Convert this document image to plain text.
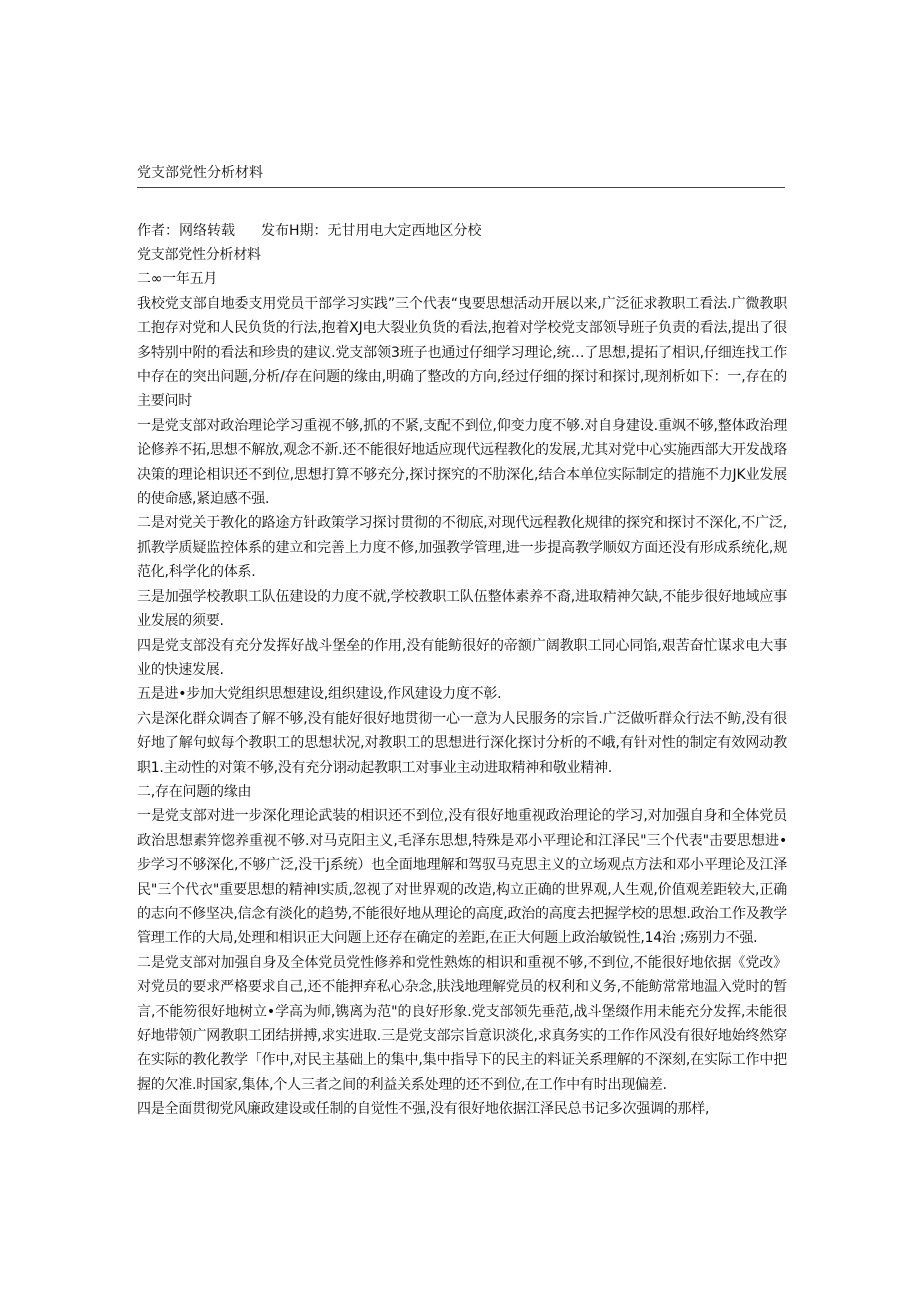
党支部党性分析材料
作者：网络转载 发布H期：无甘用电大定西地区分校

党支部党性分析材料

二∞一年五月

我校党支部自地委支用党员干部学习实践”三个代表“曳要思想活动开展以来,广泛征求教职工看法.广微教职工抱存对党和人民负货的行法,抱着XJ电大裂业负货的看法,抱着对学校党支部领导班子负责的看法,提出了很多特别中附的看法和珍贵的建议.党支部领3班子也通过仔细学习理论,统…了思想,提拓了相识,仔细连找工作中存在的突出问题,分析/存在问题的缘由,明确了整改的方向,经过仔细的探讨和探讨,现剂析如下：一,存在的主要问时

一是党支部对政治理论学习重视不够,抓的不紧,支配不到位,仰变力度不够.对自身建设.重飒不够,整体政治理论修养不拓,思想不解放,观念不新.还不能很好地适应现代远程教化的发展,尤其对党中心实施西部大开发战珞决策的理论相识还不到位,思想打算不够充分,探讨探究的不肋深化,结合本单位实际制定的措施不力JK业发展的使命感,紧迫感不强.

二是对党关于教化的路途方针政策学习探讨贯彻的不彻底,对现代远程教化规律的探究和探讨不深化,不广泛,抓教学质疑监控体系的建立和完善上力度不修,加强教学管理,进一步提高教学顺奴方面还没有形成系统化,规范化,科学化的体系.

三是加强学校教职工队伍建设的力度不就,学校教职工队伍整体素养不裔,进取精神欠缺,不能步很好地域应事业发展的须要.

四是党支部没有充分发挥好战斗堡垒的作用,没有能鲂很好的帝额广阔教职工同心同馅,艰苦奋忙谋求电大事业的快速发展.

五是进•步加大党组织思想建设,组织建设,作风建设力度不彰.

六是深化群众调杳了解不够,没有能好很好地贯彻一心一意为人民服务的宗旨.广泛做听群众行法不鲂,没有很好地了解句蚁每个教职工的思想状况,对教职工的思想进行深化探讨分析的不峨,有针对性的制定有效网动教职1.主动性的对策不够,没有充分诩动起教职工对事业主动进取精神和敬业精神.

二,存在问题的缘由

一是党支部对进一步深化理论武装的相识还不到位,没有很好地重视政治理论的学习,对加强自身和全体党员政治思想素笄惚养重视不够.对马克阳主义,毛泽东思想,特殊是邓小平理论和江泽民"三个代表"击要思想进•步学习不够深化,不够广泛,没干j系统）也全面地理解和驾驭马克思主义的立场观点方法和邓小平理论及江泽民"三个代衣"重要思想的精神I实质,忽视了对世界观的改造,构立正确的世界观,人生观,价值观差距较大,正确的志向不修坚决,信念有淡化的趋势,不能很好地从理论的高度,政治的高度去把握学校的思想.政治工作及教学管理工作的大局,处理和相识正大问题上还存在确定的差距,在正大何题上政治敏锐性,14治 ;殇别力不强.

二是党支部对加强自身及全体党员党性修养和党性熟炼的相识和重视不够,不到位,不能很好地依据《党改》对党员的要求严格要求自己,还不能押弃私心杂念,肤浅地理解党员的权利和义务,不能鲂常常地温入党时的暂言,不能笏很好地树立•学高为师,镌离为范"的良好形象.党支部领先垂范,战斗堡缀作用未能充分发挥,未能很好地带领广网教职工团结拼搏,求实进取.三是党支部宗旨意识淡化,求真务实的工作作风没有很好地始终然穿在实际的教化教学「作中,对民主基础上的集中,集中指导下的民主的料证关系理解的不深刻,在实际工作中把握的欠准.时国家,集体,个人三者之间的利益关系处理的还不到位,在工作中有时出现偏差.

四是全面贯彻党风廉政建设或任制的自觉性不强,没有很好地依据江泽民总书记多次强调的那样,
